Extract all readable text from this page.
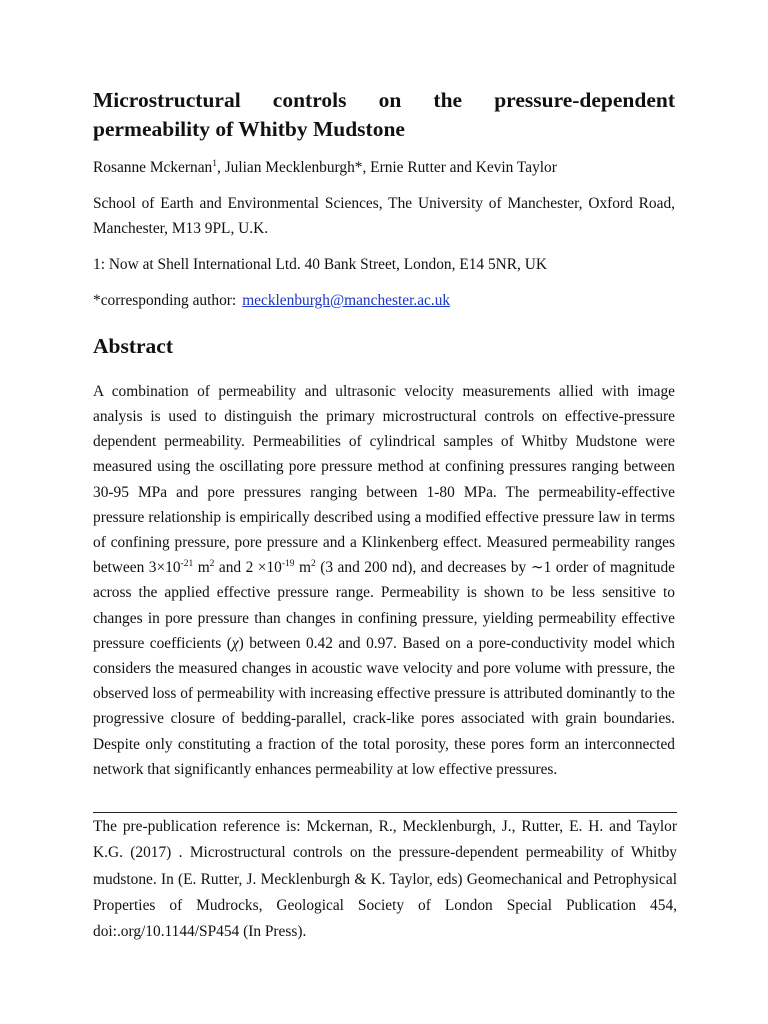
Microstructural controls on the pressure-dependent permeability of Whitby Mudstone
Rosanne Mckernan$^1$, Julian Mecklenburgh*, Ernie Rutter and Kevin Taylor
School of Earth and Environmental Sciences, The University of Manchester, Oxford Road, Manchester, M13 9PL, U.K.
1: Now at Shell International Ltd. 40 Bank Street, London, E14 5NR, UK
*corresponding author: mecklenburgh@manchester.ac.uk
Abstract

A combination of permeability and ultrasonic velocity measurements allied with image analysis is used to distinguish the primary microstructural controls on effective-pressure dependent permeability. Permeabilities of cylindrical samples of Whitby Mudstone were measured using the oscillating pore pressure method at confining pressures ranging between 30-95 MPa and pore pressures ranging between 1-80 MPa. The permeability-effective pressure relationship is empirically described using a modified effective pressure law in terms of confining pressure, pore pressure and a Klinkenberg effect. Measured permeability ranges between $3\times 10^{-21}$ $m^2$ and $2 \times 10^{-19}$ $m^2$ (3 and 200 nd), and decreases by ∼1 order of magnitude across the applied effective pressure range. Permeability is shown to be less sensitive to changes in pore pressure than changes in confining pressure, yielding permeability effective pressure coefficients (χ) between 0.42 and 0.97. Based on a pore-conductivity model which considers the measured changes in acoustic wave velocity and pore volume with pressure, the observed loss of permeability with increasing effective pressure is attributed dominantly to the progressive closure of bedding-parallel, crack-like pores associated with grain boundaries. Despite only constituting a fraction of the total porosity, these pores form an interconnected network that significantly enhances permeability at low effective pressures.

The pre-publication reference is: Mckernan, R., Mecklenburgh, J., Rutter, E. H. and Taylor K.G. (2017) . Microstructural controls on the pressure-dependent permeability of Whitby mudstone. In (E. Rutter, J. Mecklenburgh & K. Taylor, eds) Geomechanical and Petrophysical Properties of Mudrocks, Geological Society of London Special Publication 454, doi:.org/10.1144/SP454 (In Press).
